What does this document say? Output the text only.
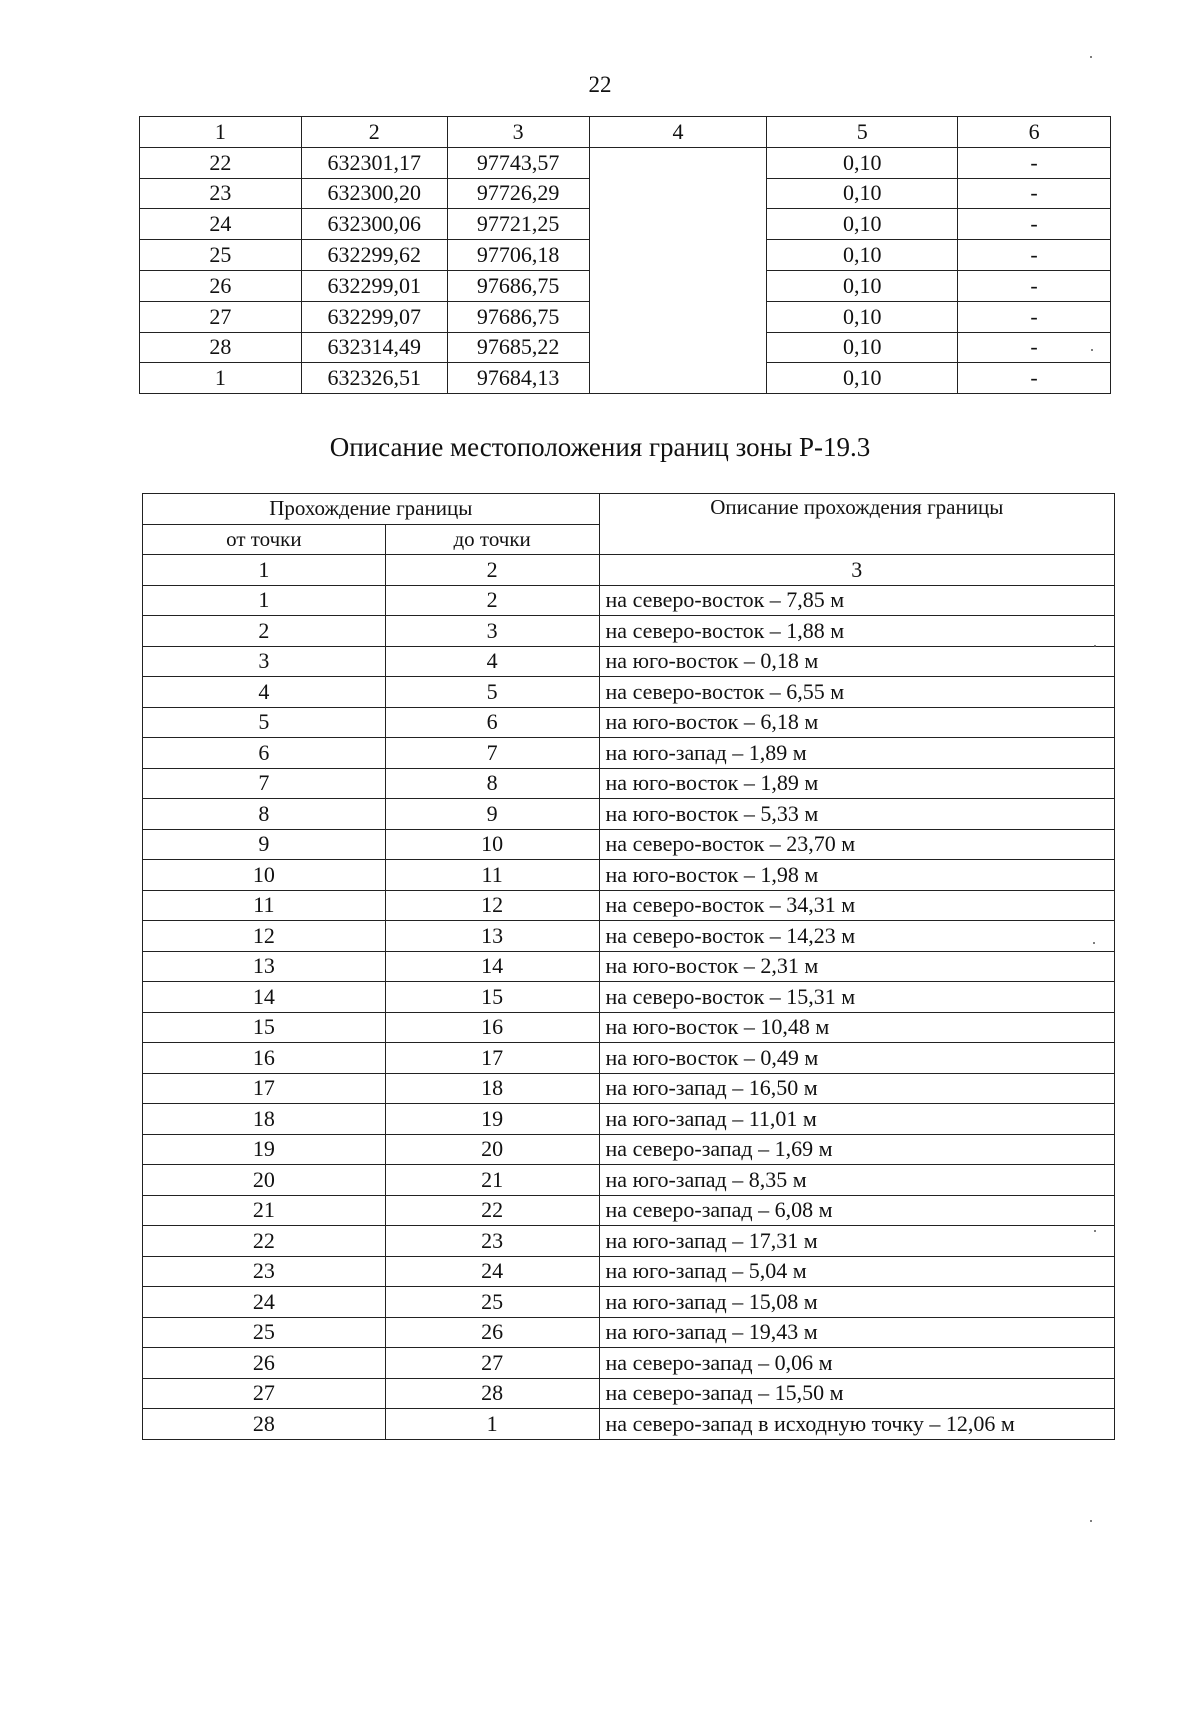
22
1	2	3	4	5	6
22	632301,17	97743,57		0,10	-
23	632300,20	97726,29		0,10	-
24	632300,06	97721,25		0,10	-
25	632299,62	97706,18		0,10	-
26	632299,01	97686,75		0,10	-
27	632299,07	97686,75		0,10	-
28	632314,49	97685,22		0,10	-
1	632326,51	97684,13		0,10	-
Описание местоположения границ зоны Р-19.3
Прохождение границы		Описание прохождения границы
от точки	до точки	
1	2	3
1	2	на северо-восток – 7,85 м
2	3	на северо-восток – 1,88 м
3	4	на юго-восток – 0,18 м
4	5	на северо-восток – 6,55 м
5	6	на юго-восток – 6,18 м
6	7	на юго-запад – 1,89 м
7	8	на юго-восток – 1,89 м
8	9	на юго-восток – 5,33 м
9	10	на северо-восток – 23,70 м
10	11	на юго-восток – 1,98 м
11	12	на северо-восток – 34,31 м
12	13	на северо-восток – 14,23 м
13	14	на юго-восток – 2,31 м
14	15	на северо-восток – 15,31 м
15	16	на юго-восток – 10,48 м
16	17	на юго-восток – 0,49 м
17	18	на юго-запад – 16,50 м
18	19	на юго-запад – 11,01 м
19	20	на северо-запад – 1,69 м
20	21	на юго-запад – 8,35 м
21	22	на северо-запад – 6,08 м
22	23	на юго-запад – 17,31 м
23	24	на юго-запад – 5,04 м
24	25	на юго-запад – 15,08 м
25	26	на юго-запад – 19,43 м
26	27	на северо-запад – 0,06 м
27	28	на северо-запад – 15,50 м
28	1	на северо-запад в исходную точку – 12,06 м
